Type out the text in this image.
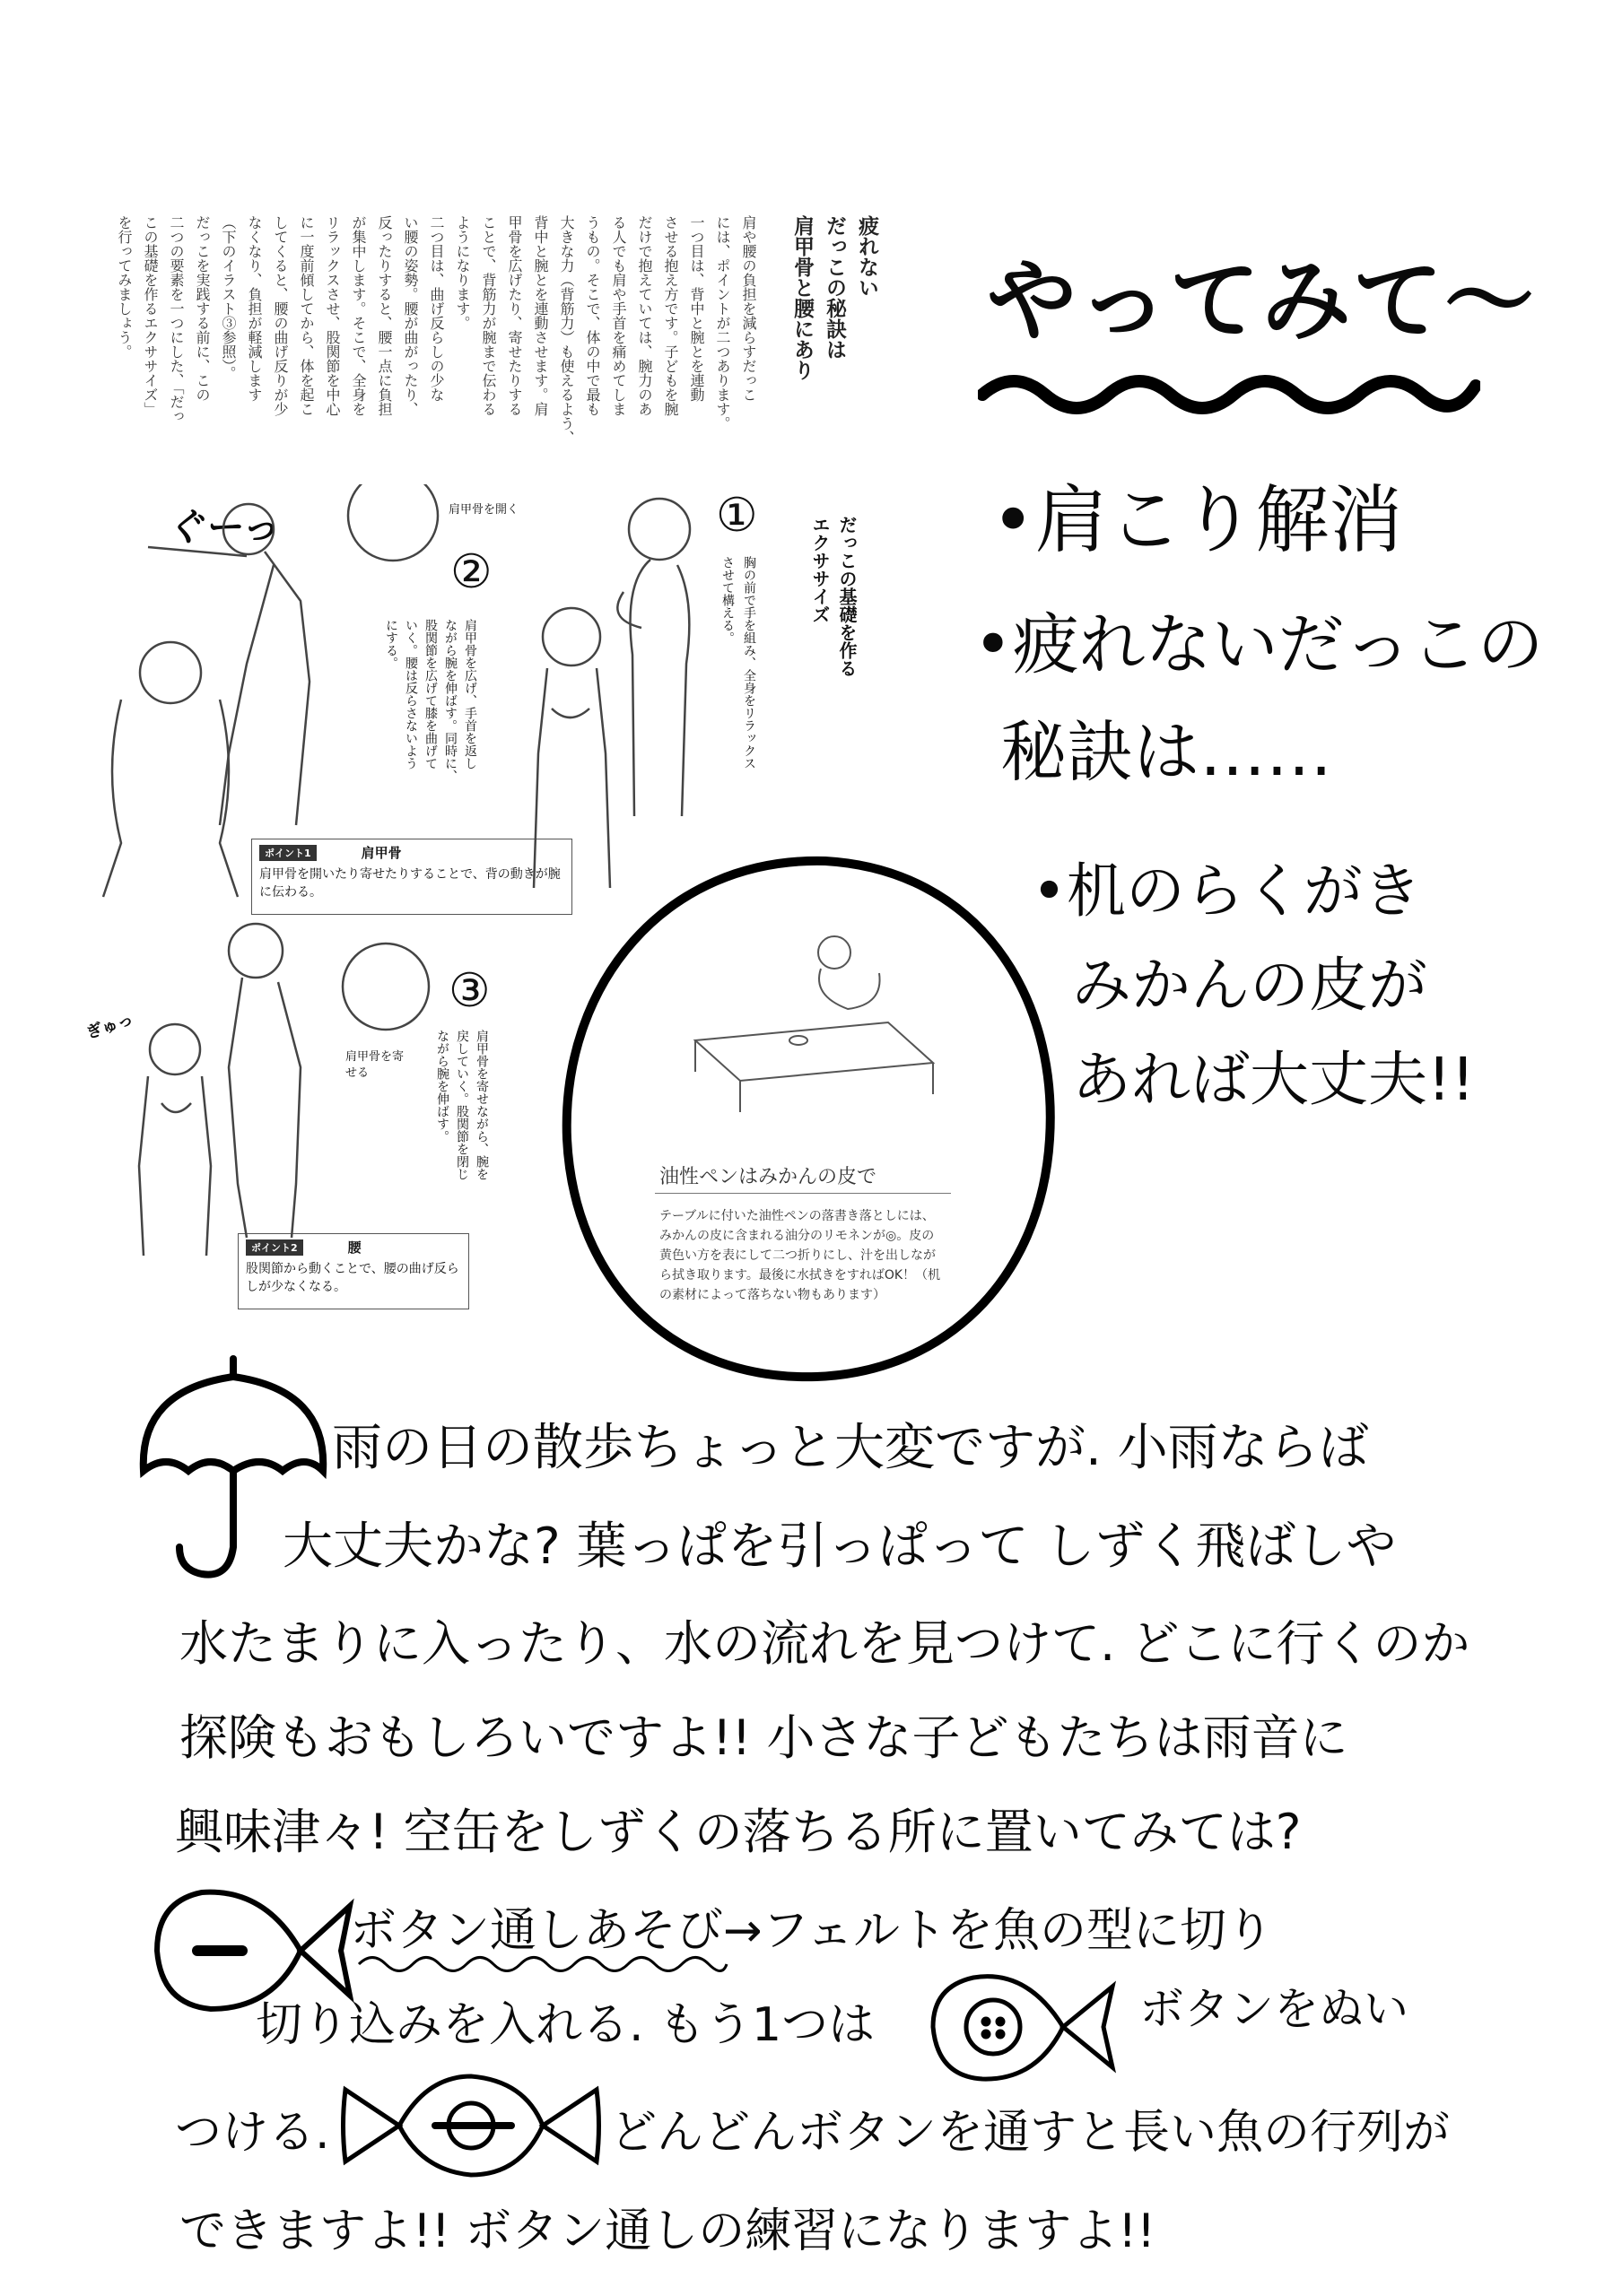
疲れない
だっこの秘訣は
肩甲骨と腰にあり
肩や腰の負担を減らすだっこ
には、ポイントが二つあります。
一つ目は、背中と腕とを連動
させる抱え方です。子どもを腕
だけで抱えていては、腕力のあ
る人でも肩や手首を痛めてしま
うもの。そこで、体の中で最も
大きな力（背筋力）も使えるよう、
背中と腕とを連動させます。肩
甲骨を広げたり、寄せたりする
ことで、背筋力が腕まで伝わる
ようになります。
二つ目は、曲げ反らしの少な
い腰の姿勢。腰が曲がったり、
反ったりすると、腰一点に負担
が集中します。そこで、全身を
リラックスさせ、股関節を中心
に一度前傾してから、体を起こ
してくると、腰の曲げ反りが少
なくなり、負担が軽減します
（下のイラスト③参照）。
だっこを実践する前に、この
二つの要素を一つにした、「だっ
この基礎を作るエクササイズ」
を行ってみましょう。
だっこの基礎を作る
エクササイズ
①
胸の前で手を組み、全身をリラックス
させて構える。
②
肩甲骨を開く
肩甲骨を広げ、手首を返し
ながら腕を伸ばす。同時に、
股関節を広げて膝を曲げて
いく。腰は反らさないよう
にする。
ポイント1	肩甲骨
肩甲骨を開いたり寄せたりすることで、背の動きが腕に伝わる。
③
肩甲骨を寄せる	肩甲骨を寄せながら、腕を
戻していく。股関節を閉じ
ながら腕を伸ばす。
ポイント2	腰
股関節から動くことで、腰の曲げ反らしが少なくなる。
ぐーっ
ぎゅっ
油性ペンはみかんの皮で
テーブルに付いた油性ペンの落書き落としには、みかんの皮に含まれる油分のリモネンが◎。皮の黄色い方を表にして二つ折りにし、汁を出しながら拭き取ります。最後に水拭きをすればOK！（机の素材によって落ちない物もあります）
やってみて～
•肩こり解消
•疲れないだっこの
秘訣は……
•机のらくがき
みかんの皮が
あれば大丈夫!!
雨の日の散歩ちょっと大変ですが. 小雨ならば
大丈夫かな? 葉っぱを引っぱって しずく飛ばしや
水たまりに入ったり、水の流れを見つけて. どこに行くのか
探険もおもしろいですよ!! 小さな子どもたちは雨音に
興味津々! 空缶をしずくの落ちる所に置いてみては?
ボタン通しあそび→フェルトを魚の型に切り
切り込みを入れる. もう1つは	ボタンをぬい
つける.	どんどんボタンを通すと長い魚の行列が
できますよ!! ボタン通しの練習になりますよ!!
